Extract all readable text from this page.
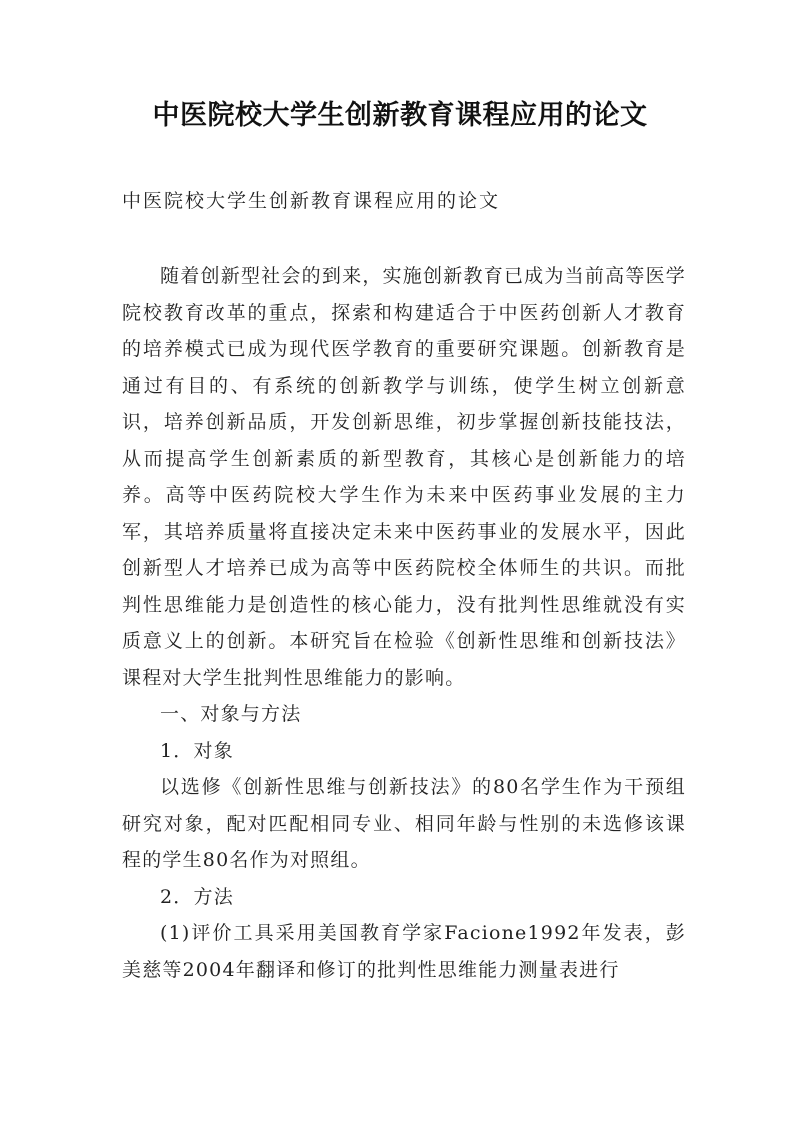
中医院校大学生创新教育课程应用的论文
中医院校大学生创新教育课程应用的论文

随着创新型社会的到来，实施创新教育已成为当前高等医学院校教育改革的重点，探索和构建适合于中医药创新人才教育的培养模式已成为现代医学教育的重要研究课题。创新教育是通过有目的、有系统的创新教学与训练，使学生树立创新意识，培养创新品质，开发创新思维，初步掌握创新技能技法，从而提高学生创新素质的新型教育，其核心是创新能力的培养。高等中医药院校大学生作为未来中医药事业发展的主力军，其培养质量将直接决定未来中医药事业的发展水平，因此创新型人才培养已成为高等中医药院校全体师生的共识。而批判性思维能力是创造性的核心能力，没有批判性思维就没有实质意义上的创新。本研究旨在检验《创新性思维和创新技法》课程对大学生批判性思维能力的影响。

一、对象与方法

1．对象

以选修《创新性思维与创新技法》的80名学生作为干预组研究对象，配对匹配相同专业、相同年龄与性别的未选修该课程的学生80名作为对照组。

2．方法

(1)评价工具采用美国教育学家Facione1992年发表，彭美慈等2004年翻译和修订的批判性思维能力测量表进行
